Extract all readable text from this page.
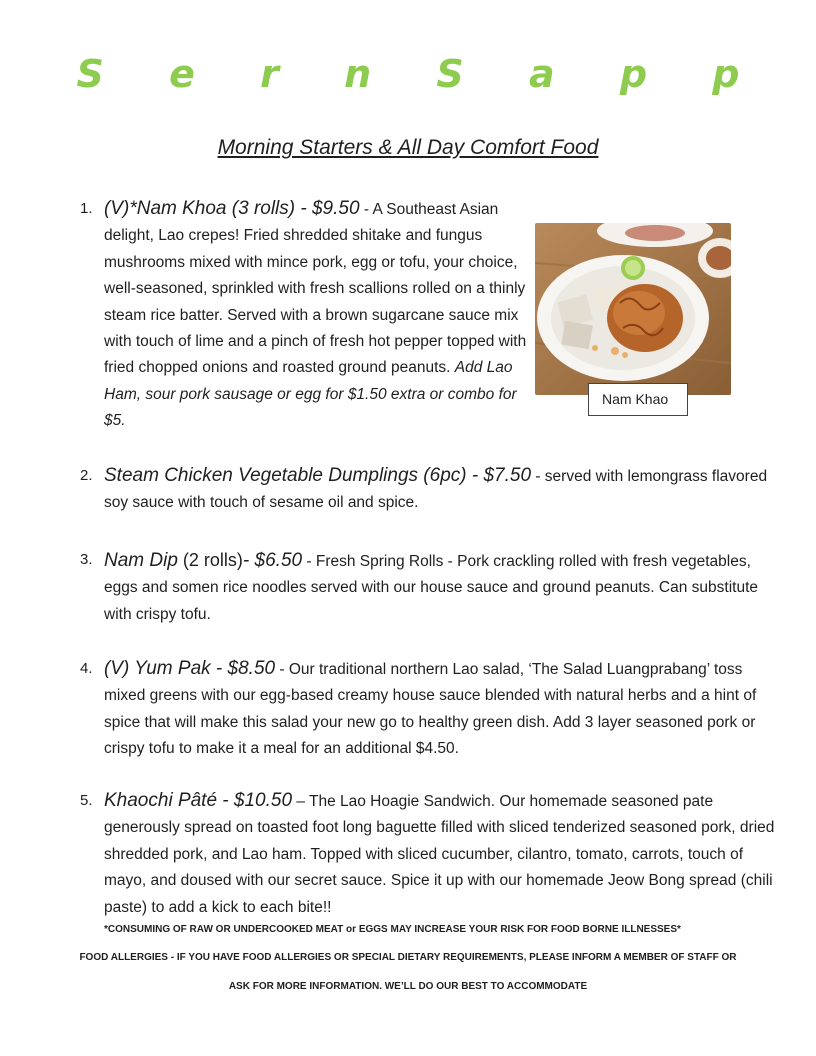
S e r n S a p p
Morning Starters & All Day Comfort Food
1. (V)*Nam Khoa (3 rolls) - $9.50 - A Southeast Asian delight, Lao crepes! Fried shredded shitake and fungus mushrooms mixed with mince pork, egg or tofu, your choice, well-seasoned, sprinkled with fresh scallions rolled on a thinly steam rice batter. Served with a brown sugarcane sauce mix with touch of lime and a pinch of fresh hot pepper topped with fried chopped onions and roasted ground peanuts. Add Lao Ham, sour pork sausage or egg for $1.50 extra or combo for $5.
Nam Khao
2. Steam Chicken Vegetable Dumplings (6pc) - $7.50 - served with lemongrass flavored soy sauce with touch of sesame oil and spice.
3. Nam Dip (2 rolls)- $6.50 - Fresh Spring Rolls - Pork crackling rolled with fresh vegetables, eggs and somen rice noodles served with our house sauce and ground peanuts. Can substitute with crispy tofu.
4. (V) Yum Pak - $8.50 - Our traditional northern Lao salad, ‘The Salad Luangprabang’ toss mixed greens with our egg-based creamy house sauce blended with natural herbs and a hint of spice that will make this salad your new go to healthy green dish. Add 3 layer seasoned pork or crispy tofu to make it a meal for an additional $4.50.
5. Khaochi Pâté - $10.50 – The Lao Hoagie Sandwich. Our homemade seasoned pate generously spread on toasted foot long baguette filled with sliced tenderized seasoned pork, dried shredded pork, and Lao ham. Topped with sliced cucumber, cilantro, tomato, carrots, touch of mayo, and doused with our secret sauce. Spice it up with our homemade Jeow Bong spread (chili paste) to add a kick to each bite!!
*CONSUMING OF RAW OR UNDERCOOKED MEAT or EGGS MAY INCREASE YOUR RISK FOR FOOD BORNE ILLNESSES*
FOOD ALLERGIES - IF YOU HAVE FOOD ALLERGIES OR SPECIAL DIETARY REQUIREMENTS, PLEASE INFORM A MEMBER OF STAFF OR
ASK FOR MORE INFORMATION. WE’LL DO OUR BEST TO ACCOMMODATE
